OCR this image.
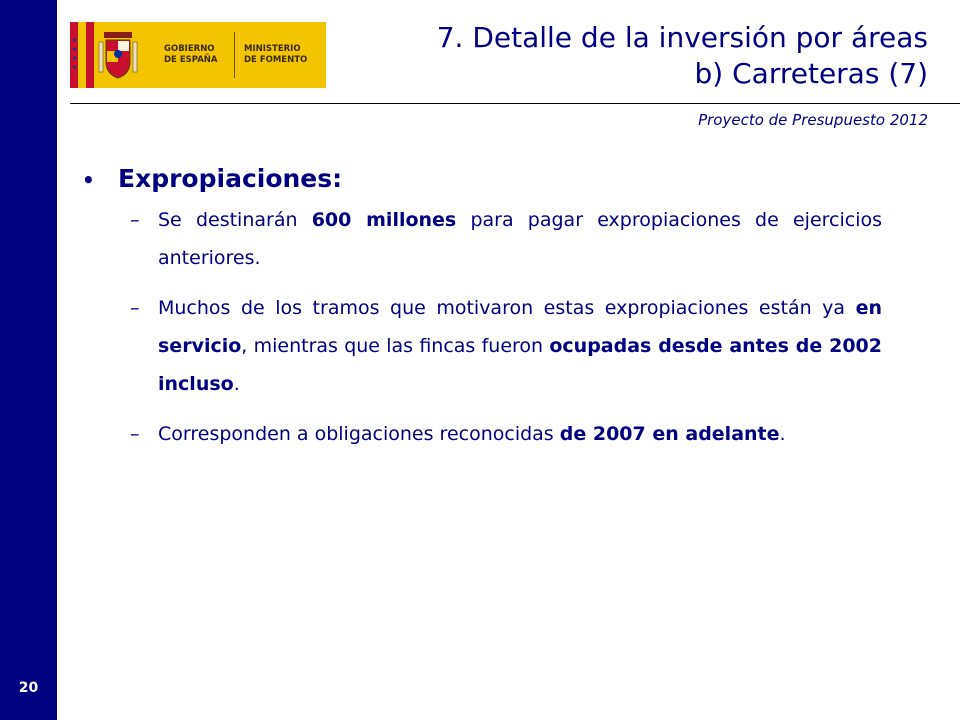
20
★
★
★
★
GOBIERNO
DE ESPAÑA
MINISTERIO
DE FOMENTO
7. Detalle de la inversión por áreas
b) Carreteras (7)
Proyecto de Presupuesto 2012
• Expropiaciones:
– Se destinarán 600 millones para pagar expropiaciones de ejercicios anteriores.
– Muchos de los tramos que motivaron estas expropiaciones están ya en servicio, mientras que las fincas fueron ocupadas desde antes de 2002 incluso.
– Corresponden a obligaciones reconocidas de 2007 en adelante.
